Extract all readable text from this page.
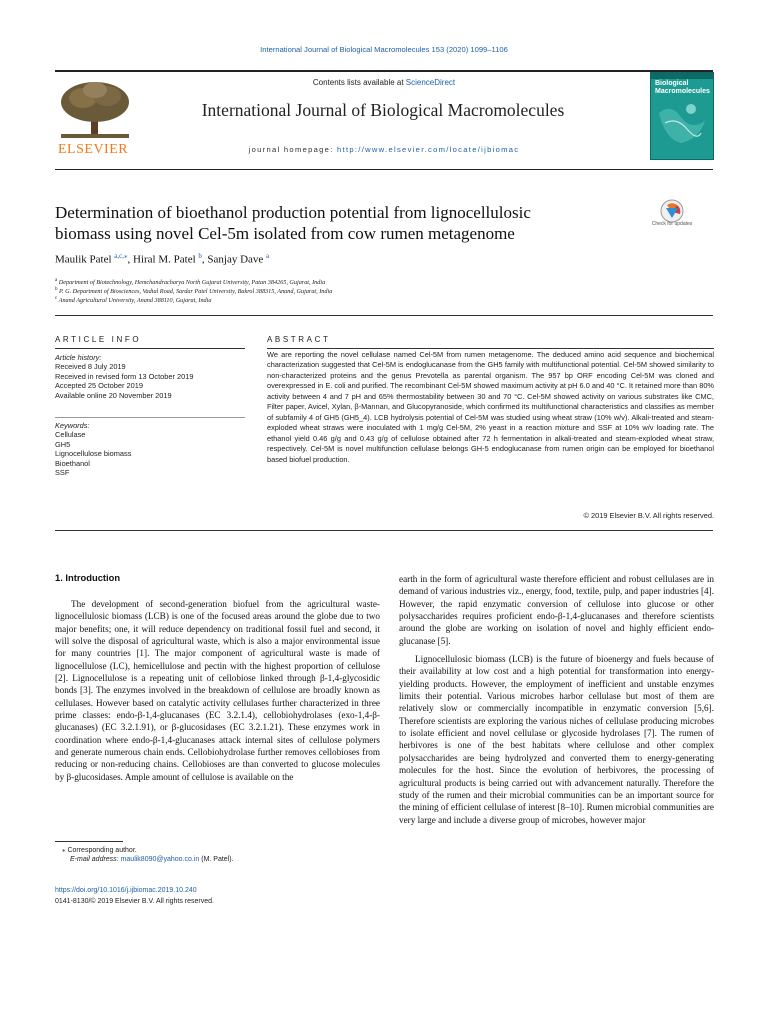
International Journal of Biological Macromolecules 153 (2020) 1099–1106
ELSEVIER
Contents lists available at ScienceDirect
International Journal of Biological Macromolecules
journal homepage: http://www.elsevier.com/locate/ijbiomac
Biological Macromolecules
Determination of bioethanol production potential from lignocellulosic
biomass using novel Cel-5m isolated from cow rumen metagenome	Check for updates
Maulik Patel $^{a,c,⁎}$, Hiral M. Patel $^b$, Sanjay Dave $^a$
$^a$ Department of Biotechnology, Hemchandracharya North Gujarat University, Patan 384265, Gujarat, India
$^b$ P. G. Department of Biosciences, Vadtal Road, Sardar Patel University, Bakrol 388315, Anand, Gujarat, India
$^c$ Anand Agricultural University, Anand 388110, Gujarat, India
ARTICLE INFO
Article history:
Received 8 July 2019
Received in revised form 13 October 2019
Accepted 25 October 2019
Available online 20 November 2019
Keywords:
Cellulase
GH5
Lignocellulose biomass
Bioethanol
SSF
ABSTRACT
We are reporting the novel cellulase named Cel-5M from rumen metagenome. The deduced amino acid sequence and biochemical characterization suggested that Cel-5M is endoglucanase from the GH5 family with multifunctional potential. Cel-5M showed similarity to non-characterized proteins and the genus Prevotella as parental organism. The 957 bp ORF encoding Cel-5M was cloned and overexpressed in E. coli and purified. The recombinant Cel-5M showed maximum activity at pH 6.0 and 40 °C. It retained more than 80% activity between 4 and 7 pH and 65% thermostability between 30 and 70 °C. Cel-5M showed activity on various substrates like CMC, Filter paper, Avicel, Xylan, β-Mannan, and Glucopyranoside, which confirmed its multifunctional characteristics and classifies as member of subfamily 4 of GH5 (GH5_4). LCB hydrolysis potential of Cel-5M was studied using wheat straw (10% w/v). Alkali-treated and steam-exploded wheat straws were inoculated with 1 mg/g Cel-5M, 2% yeast in a reaction mixture and SSF at 10% w/v loading rate. The ethanol yield 0.46 g/g and 0.43 g/g of cellulose obtained after 72 h fermentation in alkali-treated and steam-exploded wheat straw, respectively. Cel-5M is novel multifunction cellulase belongs GH-5 endoglucanase from rumen origin can be employed for bioethanol based biofuel production.
© 2019 Elsevier B.V. All rights reserved.
1. Introduction

The development of second-generation biofuel from the agricultural waste-lignocellulosic biomass (LCB) is one of the focused areas around the globe due to two major benefits; one, it will reduce dependency on traditional fossil fuel and second, it will solve the disposal of agricultural waste, which is also a major environmental issue for many countries [1]. The major component of agricultural waste is made of lignocellulose (LC), hemicellulose and pectin with the highest proportion of cellulose [2]. Lignocellulose is a repeating unit of cellobiose linked through β-1,4-glycosidic bonds [3]. The enzymes involved in the breakdown of cellulose are broadly known as cellulases. However based on catalytic activity cellulases further characterized in three prime classes: endo-β-1,4-glucanases (EC 3.2.1.4), cellobiohydrolases (exo-1,4-β-glucanases) (EC 3.2.1.91), or β-glucosidases (EC 3.2.1.21). These enzymes work in coordination where endo-β-1,4-glucanases attack internal sites of cellulose polymers and generate numerous chain ends. Cellobiohydrolase further removes cellobioses from reducing or non-reducing chains. Cellobioses are than converted to glucose molecules by β-glucosidases. Ample amount of cellulose is available on the

earth in the form of agricultural waste therefore efficient and robust cellulases are in demand of various industries viz., energy, food, textile, pulp, and paper industries [4]. However, the rapid enzymatic conversion of cellulose into glucose or other polysaccharides requires proficient endo-β-1,4-glucanases and therefore scientists around the globe are working on isolation of novel and highly efficient endo-glucanase [5].

Lignocellulosic biomass (LCB) is the future of bioenergy and fuels because of their availability at low cost and a high potential for transformation into energy-yielding products. However, the employment of inefficient and unstable enzymes limits their potential. Various microbes harbor cellulase but most of them are relatively slow or commercially incompatible in enzymatic conversion [5,6]. Therefore scientists are exploring the various niches of cellulase producing microbes to isolate efficient and novel cellulase or glycoside hydrolases [7]. The rumen of herbivores is one of the best habitats where cellulose and other complex polysaccharides are being hydrolyzed and converted them to energy-generating molecules for the host. Since the evolution of herbivores, the processing of agricultural products is being carried out with advancement naturally. Therefore the study of the rumen and their microbial communities can be an important source for the mining of efficient cellulase of interest [8–10]. Rumen microbial communities are very large and include a diverse group of microbes, however major

⁎ Corresponding author.
E-mail address: maulik8090@yahoo.co.in (M. Patel).
https://doi.org/10.1016/j.ijbiomac.2019.10.240
0141-8130/© 2019 Elsevier B.V. All rights reserved.
